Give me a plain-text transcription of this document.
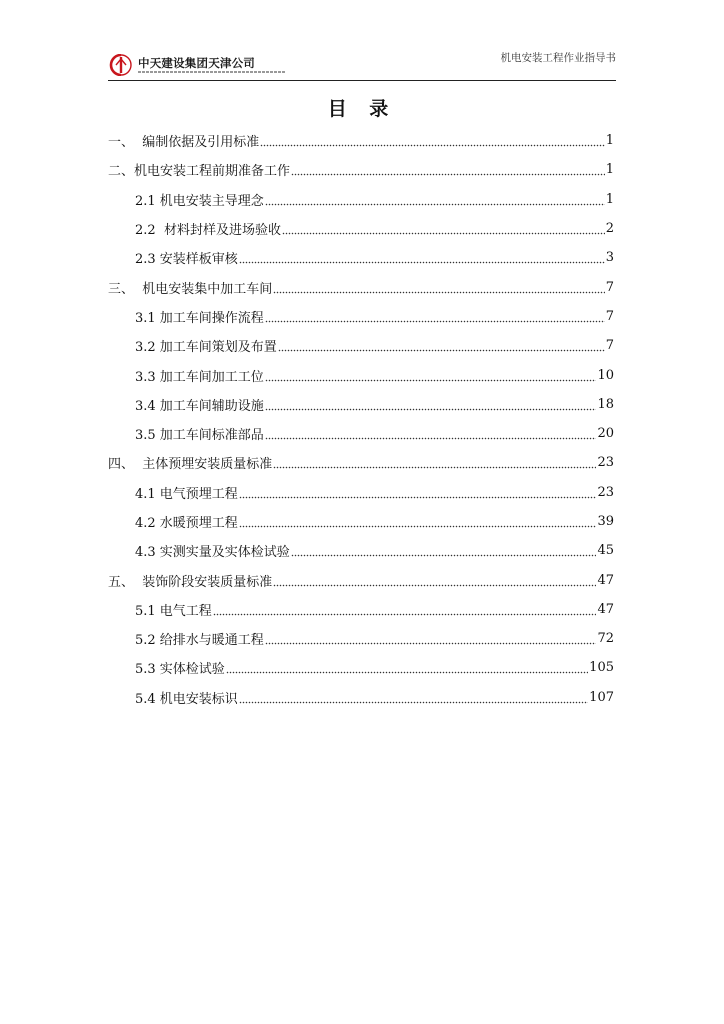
中天建设集团天津公司	机电安装工程作业指导书
目 录
一、  编制依据及引用标准	1
二、机电安装工程前期准备工作	1
2.1 机电安装主导理念	1
2.2  材料封样及进场验收	2
2.3 安装样板审核	3
三、  机电安装集中加工车间	7
3.1 加工车间操作流程	7
3.2 加工车间策划及布置	7
3.3 加工车间加工工位	10
3.4 加工车间辅助设施	18
3.5 加工车间标准部品	20
四、  主体预埋安装质量标准	23
4.1 电气预埋工程	23
4.2 水暖预埋工程	39
4.3 实测实量及实体检试验	45
五、  装饰阶段安装质量标准	47
5.1 电气工程	47
5.2 给排水与暖通工程	72
5.3 实体检试验	105
5.4 机电安装标识	107
